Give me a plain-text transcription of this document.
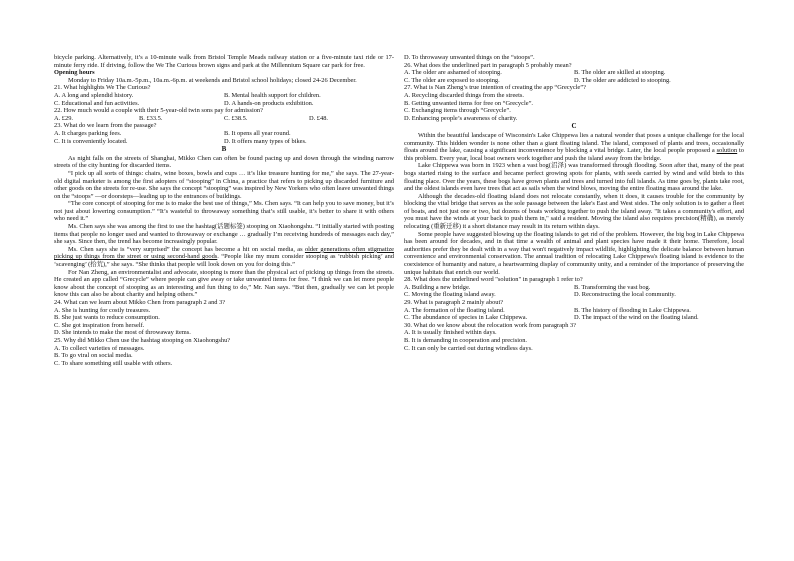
bicycle parking. Alternatively, it’s a 10-minute walk from Bristol Temple Meads railway station or a five-minute taxi ride or 17-minute ferry ride. If driving, follow the We The Curious brown signs and park at the Millennium Square car park for free.

Opening hours

Monday to Friday 10a.m.-5p.m., 10a.m.-6p.m. at weekends and Bristol school holidays; closed 24-26 December.

21. What highlights We The Curious?

A. A long and splendid history.	B. Mental health support for children.
C. Educational and fun activities.	D. A hands-on products exhibition.

22. How much would a couple with their 5-year-old twin sons pay for admission?

A. £29.	B. £33.5.	C. £38.5.	D. £48.

23. What do we learn from the passage?

A. It charges parking fees.	B. It opens all year round.
C. It is conveniently located.	D. It offers many types of bikes.
B

As night falls on the streets of Shanghai, Mikko Chen can often be found pacing up and down through the winding narrow streets of the city hunting for discarded items.

“I pick up all sorts of things: chairs, wine boxes, bowls and cups … it’s like treasure hunting for me,” she says. The 27-year-old digital marketer is among the first adopters of “stooping” in China, a practice that refers to picking up discarded furniture and other goods on the streets for re-use. She says the concept “stooping” was inspired by New Yorkers who often leave unwanted things on the “stoops” —or doorsteps—leading up to the entrances of buildings.

“The core concept of stooping for me is to make the best use of things,” Ms. Chen says. “It can help you to save money, but it’s not just about lowering consumption.” “It’s wasteful to throwaway something that’s still usable, it’s better to share it with others who need it.”

Ms. Chen says she was among the first to use the hashtag(话题标签) stooping on Xiaohongshu. “I initially started with posting items that people no longer used and wanted to throwaway or exchange … gradually I’m receiving hundreds of messages each day,” she says. Since then, the trend has become increasingly popular.

Ms. Chen says she is “very surprised” the concept has become a hit on social media, as older generations often stigmatize picking up things from the street or using second-hand goods. “People like my mum consider stooping as ‘rubbish picking’ and ‘scavenging’ (拾荒),” she says. “She thinks that people will look down on you for doing this.”

For Nan Zheng, an environmentalist and advocate, stooping is more than the physical act of picking up things from the streets. He created an app called “Grecycle” where people can give away or take unwanted items for free. “I think we can let more people know about the concept of stooping as an interesting and fun thing to do,” Mr. Nan says. “But then, gradually we can let people know this can also be about charity and helping others.”

24. What can we learn about Mikko Chen from paragraph 2 and 3?

A. She is hunting for costly treasures.

B. She just wants to reduce consumption.

C. She got inspiration from herself.

D. She intends to make the most of throwaway items.

25. Why did Mikko Chen use the hashtag stooping on Xiaohongshu?

A. To collect varieties of messages.

B. To go viral on social media.

C. To share something still usable with others.

D. To throwaway unwanted things on the “stoops”.

26. What does the underlined part in paragraph 5 probably mean?

A. The older are ashamed of stooping.	B. The older are skilled at stooping.
C. The older are exposed to stooping.	D. The older are addicted to stooping.

27. What is Nan Zheng’s true intention of creating the app “Grecycle”?

A. Recycling discarded things from the streets.

B. Getting unwanted items for free on “Grecycle”.

C. Exchanging items through “Grecycle”.

D. Enhancing people’s awareness of charity.

C

Within the beautiful landscape of Wisconsin's Lake Chippewa lies a natural wonder that poses a unique challenge for the local community. This hidden wonder is none other than a giant floating island. The island, composed of plants and trees, occasionally floats around the lake, causing a significant inconvenience by blocking a vital bridge. Later, the local people proposed a solution to this problem. Every year, local boat owners work together and push the island away from the bridge.

Lake Chippewa was born in 1923 when a vast bog(沼泽) was transformed through flooding. Soon after that, many of the peat bogs started rising to the surface and became perfect growing spots for plants, with seeds carried by wind and wild birds to this floating place. Over the years, these bogs have grown plants and trees and turned into full islands. As time goes by, plants take root, and the oldest islands even have trees that act as sails when the wind blows, moving the entire floating mass around the lake.

Although the decades-old floating island does not relocate constantly, when it does, it causes trouble for the community by blocking the vital bridge that serves as the sole passage between the lake's East and West sides. The only solution is to gather a fleet of boats, and not just one or two, but dozens of boats working together to push the island away. "It takes a community's effort, and you must have the winds at your back to push them in," said a resident. Moving the island also requires precision(精确), as merely relocating (重新迁移) it a short distance may result in its return within days.

Some people have suggested blowing up the floating islands to get rid of the problem. However, the big bog in Lake Chippewa has been around for decades, and in that time a wealth of animal and plant species have made it their home. Therefore, local authorities prefer they be dealt with in a way that won't negatively impact wildlife, highlighting the delicate balance between human convenience and environmental conservation. The annual tradition of relocating Lake Chippewa's floating island is evidence to the coexistence of humanity and nature, a heartwarming display of community unity, and a reminder of the importance of preserving the unique habitats that enrich our world.

28. What does the underlined word "solution" in paragraph 1 refer to?

A. Building a new bridge.	B. Transforming the vast bog.
C. Moving the floating island away.	D. Reconstructing the local community.

29. What is paragraph 2 mainly about?

A. The formation of the floating island.	B. The history of flooding in Lake Chippewa.
C. The abundance of species in Lake Chippewa.	D. The impact of the wind on the floating island.

30. What do we know about the relocation work from paragraph 3?

A. It is usually finished within days.

B. It is demanding in cooperation and precision.

C. It can only be carried out during windless days.
